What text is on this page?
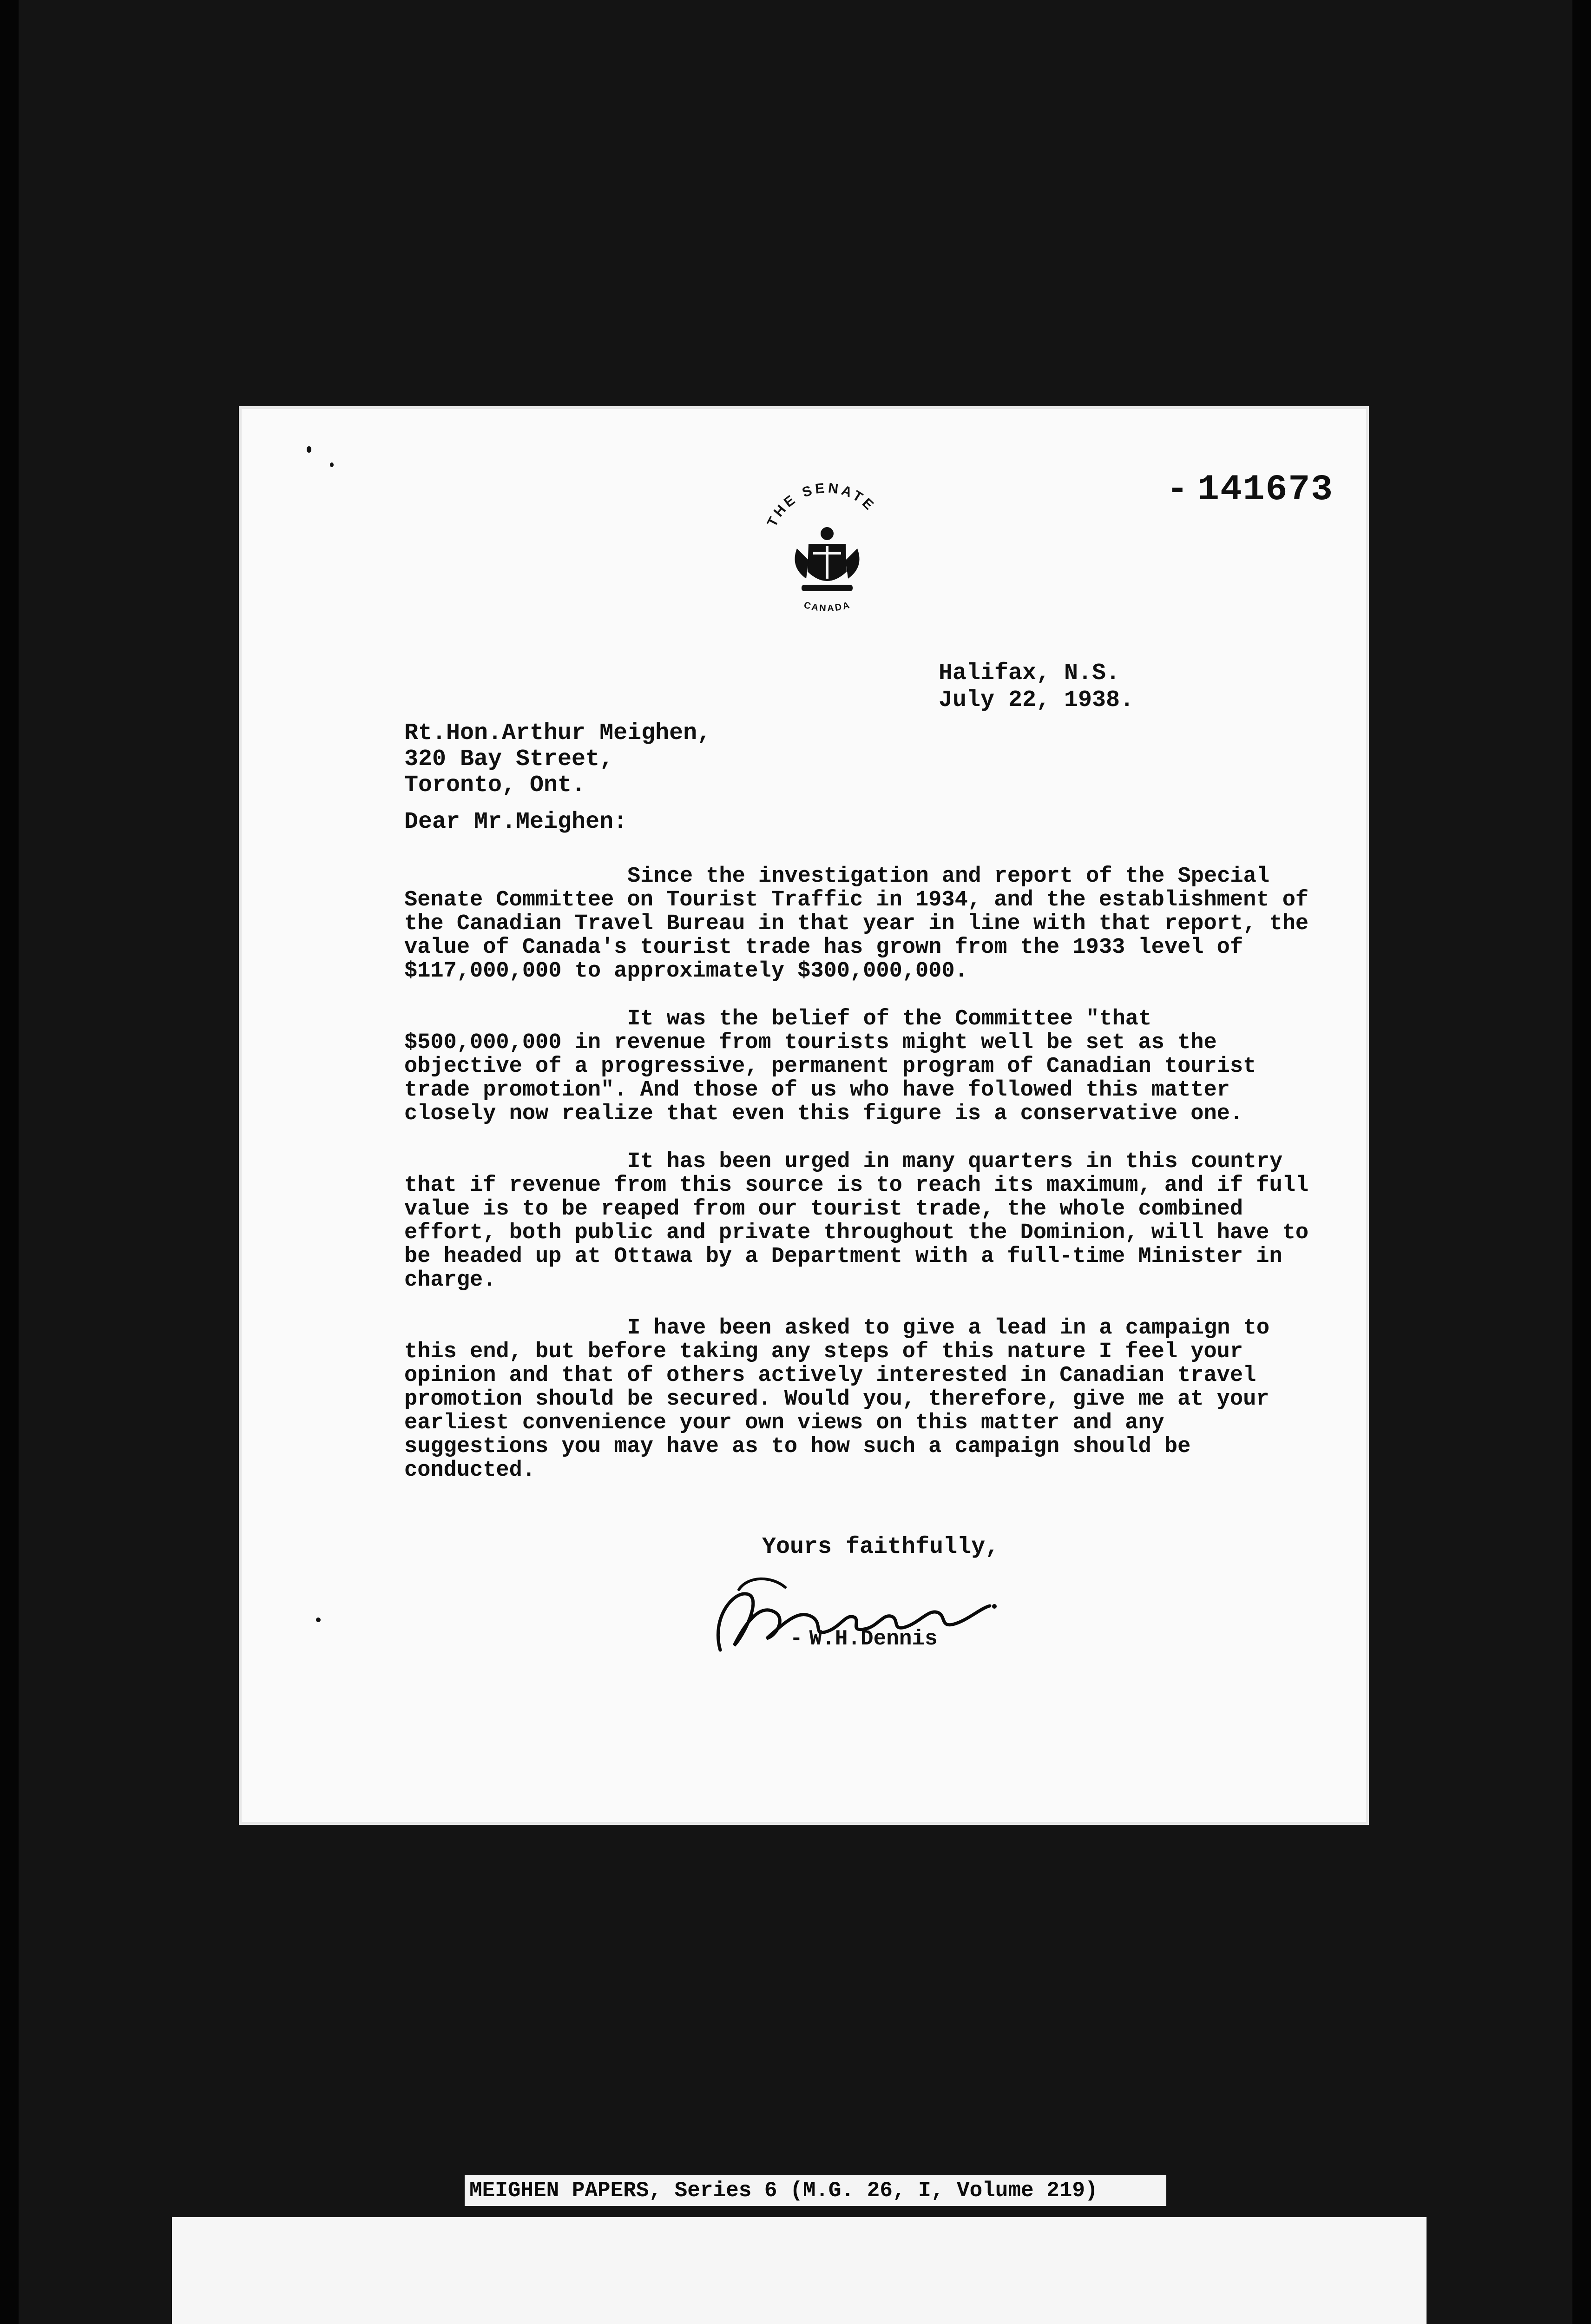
- 141673
THE SENATE
CANADA
Halifax, N.S.
July 22, 1938.
Rt.Hon.Arthur Meighen,
320 Bay Street,
Toronto, Ont.
Dear Mr.Meighen:

Since the investigation and report of the Special Senate Committee on Tourist Traffic in 1934, and the establishment of the Canadian Travel Bureau in that year in line with that report, the value of Canada's tourist trade has grown from the 1933 level of $117,000,000 to approximately $300,000,000.

It was the belief of the Committee "that $500,000,000 in revenue from tourists might well be set as the objective of a progressive, permanent program of Canadian tourist trade promotion". And those of us who have followed this matter closely now realize that even this figure is a conservative one.

It has been urged in many quarters in this country that if revenue from this source is to reach its maximum, and if full value is to be reaped from our tourist trade, the whole combined effort, both public and private throughout the Dominion, will have to be headed up at Ottawa by a Department with a full-time Minister in charge.

I have been asked to give a lead in a campaign to this end, but before taking any steps of this nature I feel your opinion and that of others actively interested in Canadian travel promotion should be secured. Would you, therefore, give me at your earliest convenience your own views on this matter and any suggestions you may have as to how such a campaign should be conducted.

Yours faithfully,
- W.H.Dennis
MEIGHEN PAPERS, Series 6 (M.G. 26, I, Volume 219)
